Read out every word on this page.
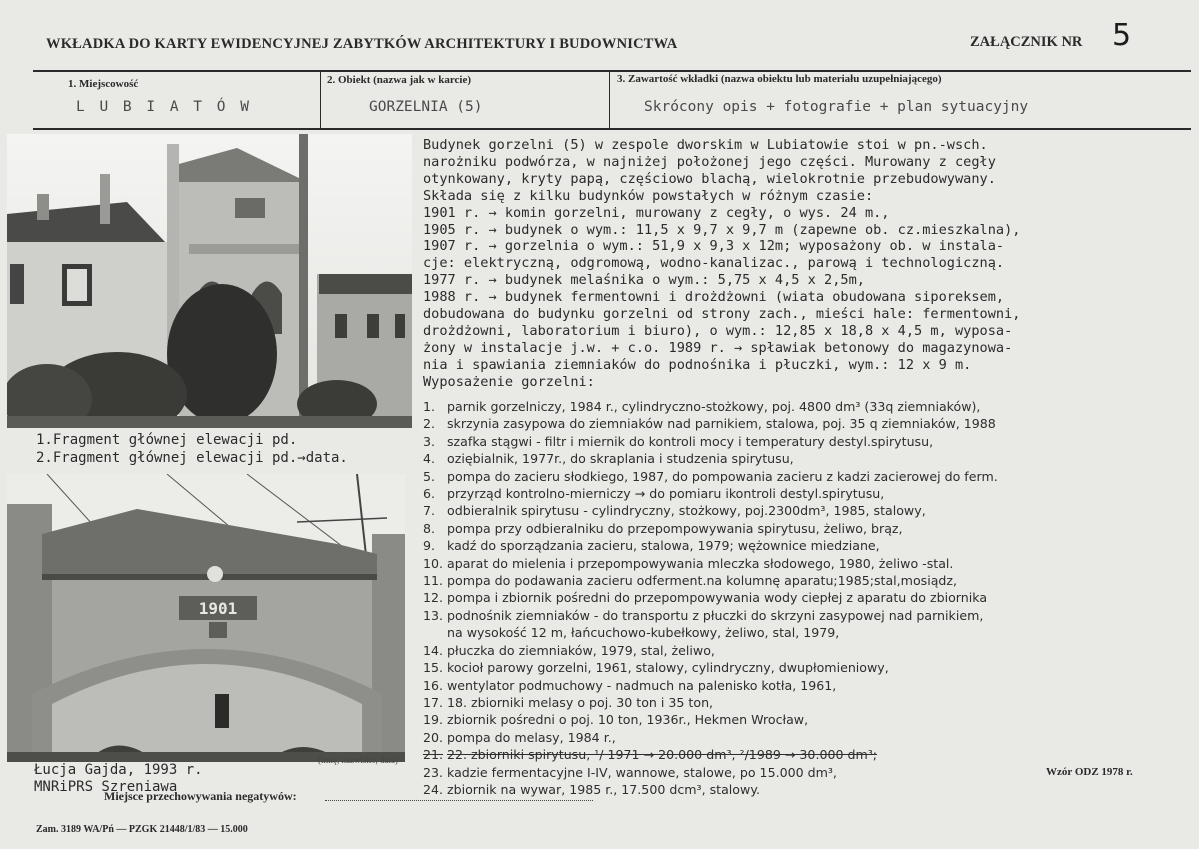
WKŁADKA DO KARTY EWIDENCYJNEJ ZABYTKÓW ARCHITEKTURY I BUDOWNICTWA	ZAŁĄCZNIK NR 5
1. Miejscowość
L U B I A T Ó W
2. Obiekt (nazwa jak w karcie)
GORZELNIA (5)
3. Zawartość wkładki (nazwa obiektu lub materiału uzupełniającego)
Skrócony opis + fotografie + plan sytuacyjny
1.Fragment głównej elewacji pd.
2.Fragment głównej elewacji pd.→data.
1901
Budynek gorzelni (5) w zespole dworskim w Lubiatowie stoi w pn.-wsch.
narożniku podwórza, w najniżej położonej jego części. Murowany z cegły
otynkowany, kryty papą, częściowo blachą, wielokrotnie przebudowywany.
Składa się z kilku budynków powstałych w różnym czasie:
1901 r. → komin gorzelni, murowany z cegły, o wys. 24 m.,
1905 r. → budynek o wym.: 11,5 x 9,7 x 9,7 m (zapewne ob. cz.mieszkalna),
1907 r. → gorzelnia o wym.: 51,9 x 9,3 x 12m; wyposażony ob. w instala-
cje: elektryczną, odgromową, wodno-kanalizac., parową i technologiczną.
1977 r. → budynek melaśnika o wym.: 5,75 x 4,5 x 2,5m,
1988 r. → budynek fermentowni i drożdżowni (wiata obudowana siporeksem,
dobudowana do budynku gorzelni od strony zach., mieści hale: fermentowni,
drożdżowni, laboratorium i biuro), o wym.: 12,85 x 18,8 x 4,5 m, wyposa-
żony w instalacje j.w. + c.o. 1989 r. → spławiak betonowy do magazynowa-
nia i spawiania ziemniaków do podnośnika i płuczki, wym.: 12 x 9 m.
Wyposażenie gorzelni:
1. parnik gorzelniczy, 1984 r., cylindryczno-stożkowy, poj. 4800 dm³ (33q ziemniaków),
2. skrzynia zasypowa do ziemniaków nad parnikiem, stalowa, poj. 35 q ziemniaków, 1988
3. szafka stągwi - filtr i miernik do kontroli mocy i temperatury destyl.spirytusu,
4. oziębialnik, 1977r., do skraplania i studzenia spirytusu,
5. pompa do zacieru słodkiego, 1987, do pompowania zacieru z kadzi zacierowej do ferm.
6. przyrząd kontrolno-mierniczy → do pomiaru ikontroli destyl.spirytusu,
7. odbieralnik spirytusu - cylindryczny, stożkowy, poj.2300dm³, 1985, stalowy,
8. pompa przy odbieralniku do przepompowywania spirytusu, żeliwo, brąz,
9. kadź do sporządzania zacieru, stalowa, 1979; wężownice miedziane,
10. aparat do mielenia i przepompowywania mleczka słodowego, 1980, żeliwo -stal.
11. pompa do podawania zacieru odferment.na kolumnę aparatu;1985;stal,mosiądz,
12. pompa i zbiornik pośredni do przepompowywania wody ciepłej z aparatu do zbiornika
13. podnośnik ziemniaków - do transportu z płuczki do skrzyni zasypowej nad parnikiem,
na wysokość 12 m, łańcuchowo-kubełkowy, żeliwo, stal, 1979,
14. płuczka do ziemniaków, 1979, stal, żeliwo,
15. kocioł parowy gorzelni, 1961, stalowy, cylindryczny, dwupłomieniowy,
16. wentylator podmuchowy - nadmuch na palenisko kotła, 1961,
17. 18. zbiorniki melasy o poj. 30 ton i 35 ton,
19. zbiornik pośredni o poj. 10 ton, 1936r., Hekmen Wrocław,
20. pompa do melasy, 1984 r.,
21. 22. zbiorniki spirytusu, ¹/ 1971 → 20.000 dm³, ²/1989 → 30.000 dm³;
23. kadzie fermentacyjne I-IV, wannowe, stalowe, po 15.000 dm³,
24. zbiornik na wywar, 1985 r., 17.500 dcm³, stalowy.
Łucja Gajda, 1993 r.
MNRiPRS Szreniawa
(imię, nazwisko, data)
Miejsce przechowywania negatywów:
Wzór ODZ 1978 r.
Zam. 3189 WA/Pń — PZGK 21448/1/83 — 15.000
